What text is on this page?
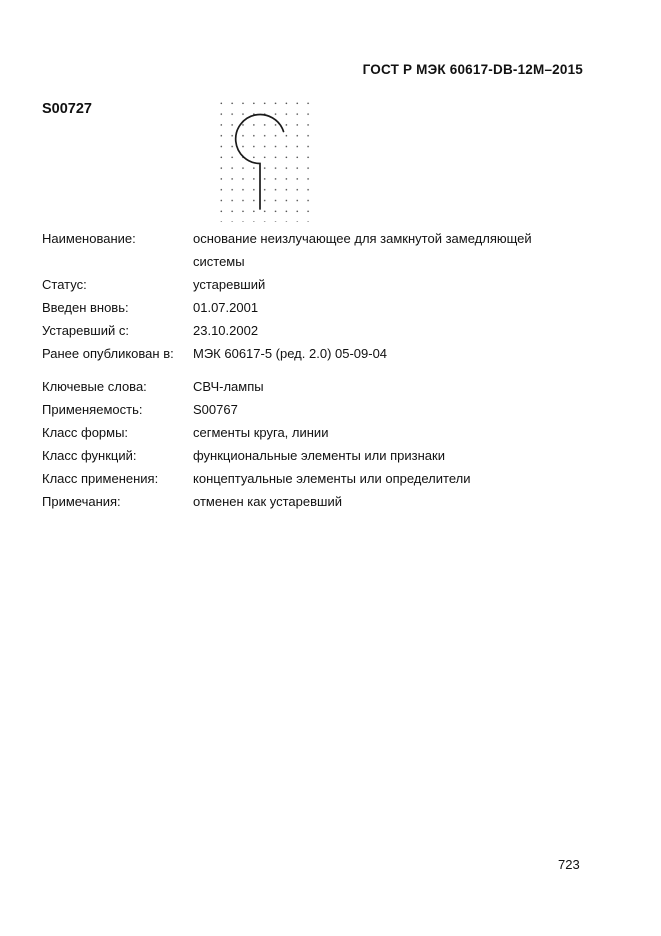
ГОСТ Р МЭК 60617-DB-12M–2015
S00727
Наименование:	основание неизлучающее для замкнутой замедляющей системы
Статус:	устаревший
Введен вновь:	01.07.2001
Устаревший с:	23.10.2002
Ранее опубликован в:	МЭК 60617-5 (ред. 2.0) 05-09-04
Ключевые слова:	СВЧ-лампы
Применяемость:	S00767
Класс формы:	сегменты круга, линии
Класс функций:	функциональные элементы или признаки
Класс применения:	концептуальные элементы или определители
Примечания:	отменен как устаревший
723
